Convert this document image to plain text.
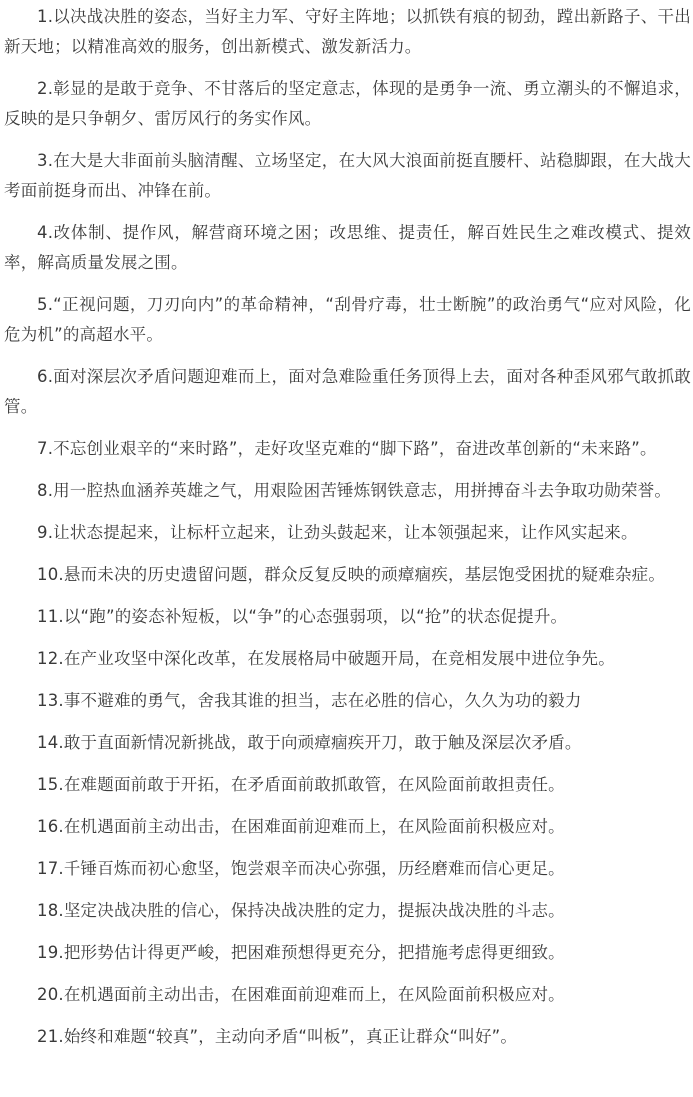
1.以决战决胜的姿态，当好主力军、守好主阵地；以抓铁有痕的韧劲，蹚出新路子、干出新天地；以精准高效的服务，创出新模式、激发新活力。

2.彰显的是敢于竞争、不甘落后的坚定意志，体现的是勇争一流、勇立潮头的不懈追求，反映的是只争朝夕、雷厉风行的务实作风。

3.在大是大非面前头脑清醒、立场坚定，在大风大浪面前挺直腰杆、站稳脚跟，在大战大考面前挺身而出、冲锋在前。

4.改体制、提作风，解营商环境之困；改思维、提责任，解百姓民生之难改模式、提效率，解高质量发展之围。

5.“正视问题，刀刃向内”的革命精神，“刮骨疗毒，壮士断腕”的政治勇气“应对风险，化危为机”的高超水平。

6.面对深层次矛盾问题迎难而上，面对急难险重任务顶得上去，面对各种歪风邪气敢抓敢管。

7.不忘创业艰辛的“来时路”，走好攻坚克难的“脚下路”，奋进改革创新的“未来路”。

8.用一腔热血涵养英雄之气，用艰险困苦锤炼钢铁意志，用拼搏奋斗去争取功勋荣誉。

9.让状态提起来，让标杆立起来，让劲头鼓起来，让本领强起来，让作风实起来。

10.悬而未决的历史遗留问题，群众反复反映的顽瘴痼疾，基层饱受困扰的疑难杂症。

11.以“跑”的姿态补短板，以“争”的心态强弱项，以“抢”的状态促提升。

12.在产业攻坚中深化改革，在发展格局中破题开局，在竞相发展中进位争先。

13.事不避难的勇气，舍我其谁的担当，志在必胜的信心，久久为功的毅力

14.敢于直面新情况新挑战，敢于向顽瘴痼疾开刀，敢于触及深层次矛盾。

15.在难题面前敢于开拓，在矛盾面前敢抓敢管，在风险面前敢担责任。

16.在机遇面前主动出击，在困难面前迎难而上，在风险面前积极应对。

17.千锤百炼而初心愈坚，饱尝艰辛而决心弥强，历经磨难而信心更足。

18.坚定决战决胜的信心，保持决战决胜的定力，提振决战决胜的斗志。

19.把形势估计得更严峻，把困难预想得更充分，把措施考虑得更细致。

20.在机遇面前主动出击，在困难面前迎难而上，在风险面前积极应对。

21.始终和难题“较真”，主动向矛盾“叫板”，真正让群众“叫好”。
